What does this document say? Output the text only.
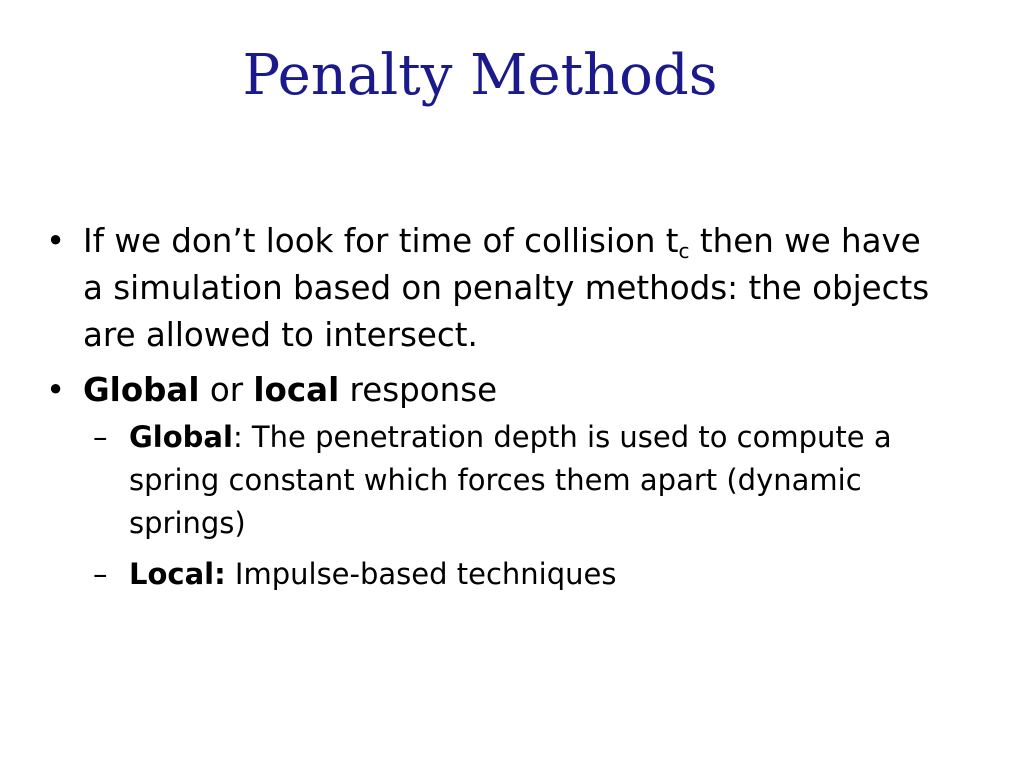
Penalty Methods
• If we don’t look for time of collision $t_c$ then we have a simulation based on penalty methods: the objects are allowed to intersect.
• Global or local response
– Global: The penetration depth is used to compute a spring constant which forces them apart (dynamic springs)
– Local: Impulse-based techniques
